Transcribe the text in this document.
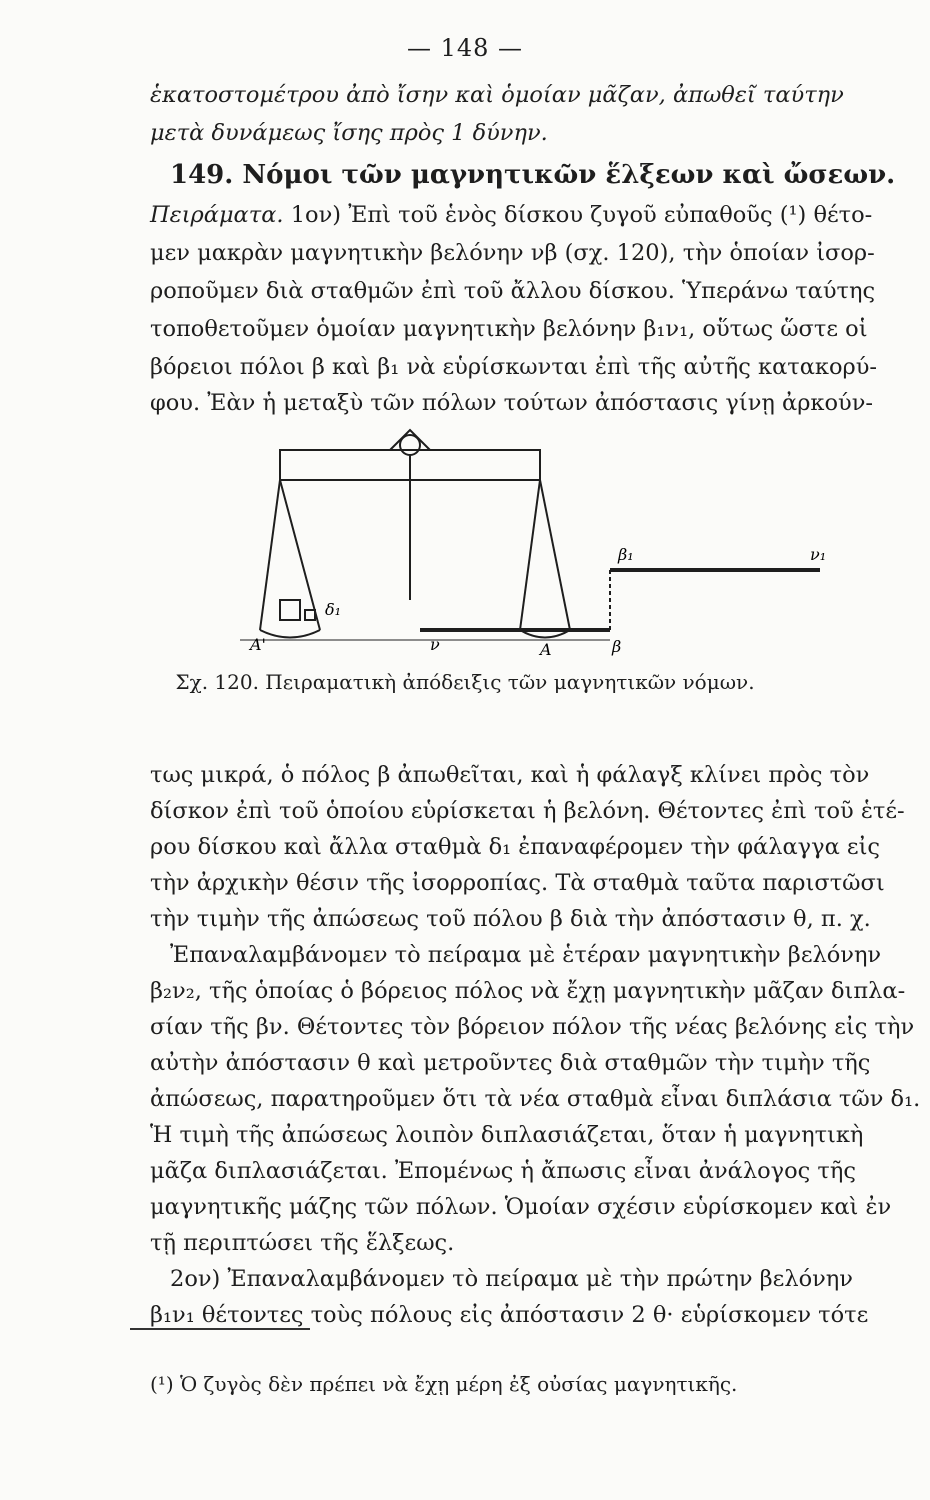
— 148 —
ἑκατοστομέτρου ἀπὸ ἴσην καὶ ὁμοίαν μᾶζαν, ἀπωθεῖ ταύτην
μετὰ δυνάμεως ἴσης πρὸς 1 δύνην.
149. Νόμοι τῶν μαγνητικῶν ἕλξεων καὶ ὤσεων.
Πειράματα. 1ον) Ἐπὶ τοῦ ἑνὸς δίσκου ζυγοῦ εὐπαθοῦς (¹) θέτο-
μεν μακρὰν μαγνητικὴν βελόνην νβ (σχ. 120), τὴν ὁποίαν ἰσορ-
ροποῦμεν διὰ σταθμῶν ἐπὶ τοῦ ἄλλου δίσκου. Ὑπεράνω ταύτης
τοποθετοῦμεν ὁμοίαν μαγνητικὴν βελόνην β₁ν₁, οὕτως ὥστε οἱ
βόρειοι πόλοι β καὶ β₁ νὰ εὑρίσκωνται ἐπὶ τῆς αὐτῆς κατακορύ-
φου. Ἐὰν ἡ μεταξὺ τῶν πόλων τούτων ἀπόστασις γίνῃ ἀρκούν-
β₁	ν₁
δ₁
Α'	ν	Α	β
Σχ. 120. Πειραματικὴ ἀπόδειξις τῶν μαγνητικῶν νόμων.
τως μικρά, ὁ πόλος β ἀπωθεῖται, καὶ ἡ φάλαγξ κλίνει πρὸς τὸν
δίσκον ἐπὶ τοῦ ὁποίου εὑρίσκεται ἡ βελόνη. Θέτοντες ἐπὶ τοῦ ἑτέ-
ρου δίσκου καὶ ἄλλα σταθμὰ δ₁ ἐπαναφέρομεν τὴν φάλαγγα εἰς
τὴν ἀρχικὴν θέσιν τῆς ἰσορροπίας. Τὰ σταθμὰ ταῦτα παριστῶσι
τὴν τιμὴν τῆς ἀπώσεως τοῦ πόλου β διὰ τὴν ἀπόστασιν θ, π. χ.
Ἐπαναλαμβάνομεν τὸ πείραμα μὲ ἑτέραν μαγνητικὴν βελόνην
β₂ν₂, τῆς ὁποίας ὁ βόρειος πόλος νὰ ἔχῃ μαγνητικὴν μᾶζαν διπλα-
σίαν τῆς βν. Θέτοντες τὸν βόρειον πόλον τῆς νέας βελόνης εἰς τὴν
αὐτὴν ἀπόστασιν θ καὶ μετροῦντες διὰ σταθμῶν τὴν τιμὴν τῆς
ἀπώσεως, παρατηροῦμεν ὅτι τὰ νέα σταθμὰ εἶναι διπλάσια τῶν δ₁.
Ἡ τιμὴ τῆς ἀπώσεως λοιπὸν διπλασιάζεται, ὅταν ἡ μαγνητικὴ
μᾶζα διπλασιάζεται. Ἐπομένως ἡ ἄπωσις εἶναι ἀνάλογος τῆς
μαγνητικῆς μάζης τῶν πόλων. Ὁμοίαν σχέσιν εὑρίσκομεν καὶ ἐν
τῇ περιπτώσει τῆς ἕλξεως.
2ον) Ἐπαναλαμβάνομεν τὸ πείραμα μὲ τὴν πρώτην βελόνην
β₁ν₁ θέτοντες τοὺς πόλους εἰς ἀπόστασιν 2 θ· εὑρίσκομεν τότε
(¹) Ὁ ζυγὸς δὲν πρέπει νὰ ἔχῃ μέρη ἐξ οὐσίας μαγνητικῆς.
